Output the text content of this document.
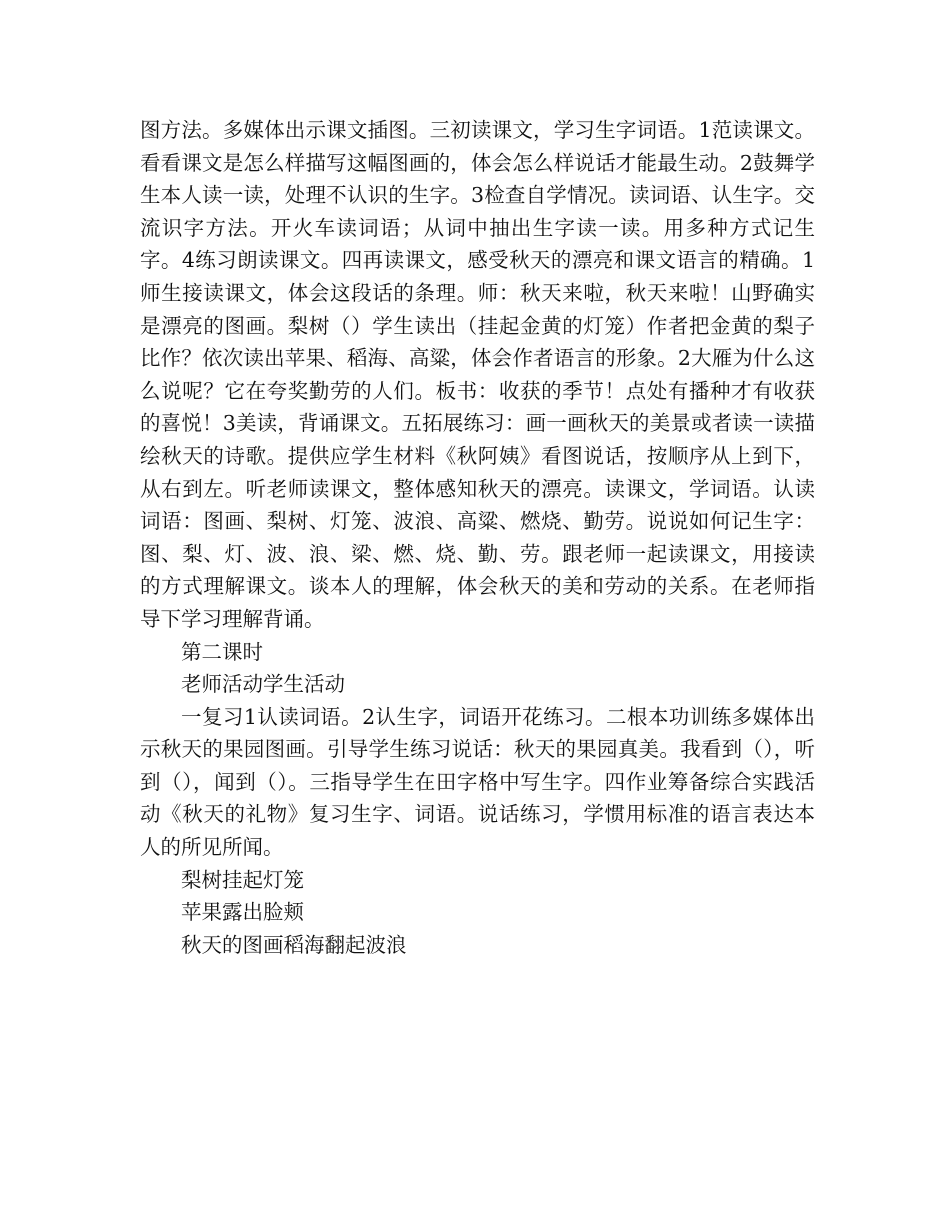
图方法。多媒体出示课文插图。三初读课文，学习生字词语。1范读课文。看看课文是怎么样描写这幅图画的，体会怎么样说话才能最生动。2鼓舞学生本人读一读，处理不认识的生字。3检查自学情况。读词语、认生字。交流识字方法。开火车读词语；从词中抽出生字读一读。用多种方式记生字。4练习朗读课文。四再读课文，感受秋天的漂亮和课文语言的精确。1师生接读课文，体会这段话的条理。师：秋天来啦，秋天来啦！山野确实是漂亮的图画。梨树（）学生读出（挂起金黄的灯笼）作者把金黄的梨子比作？依次读出苹果、稻海、高粱，体会作者语言的形象。2大雁为什么这么说呢？它在夸奖勤劳的人们。板书：收获的季节！点处有播种才有收获的喜悦！3美读，背诵课文。五拓展练习：画一画秋天的美景或者读一读描绘秋天的诗歌。提供应学生材料《秋阿姨》看图说话，按顺序从上到下，从右到左。听老师读课文，整体感知秋天的漂亮。读课文，学词语。认读词语：图画、梨树、灯笼、波浪、高粱、燃烧、勤劳。说说如何记生字：图、梨、灯、波、浪、梁、燃、烧、勤、劳。跟老师一起读课文，用接读的方式理解课文。谈本人的理解，体会秋天的美和劳动的关系。在老师指导下学习理解背诵。

第二课时

老师活动学生活动

一复习1认读词语。2认生字，词语开花练习。二根本功训练多媒体出示秋天的果园图画。引导学生练习说话：秋天的果园真美。我看到（），听到（），闻到（）。三指导学生在田字格中写生字。四作业筹备综合实践活动《秋天的礼物》复习生字、词语。说话练习，学惯用标准的语言表达本人的所见所闻。

梨树挂起灯笼

苹果露出脸颊

秋天的图画稻海翻起波浪
